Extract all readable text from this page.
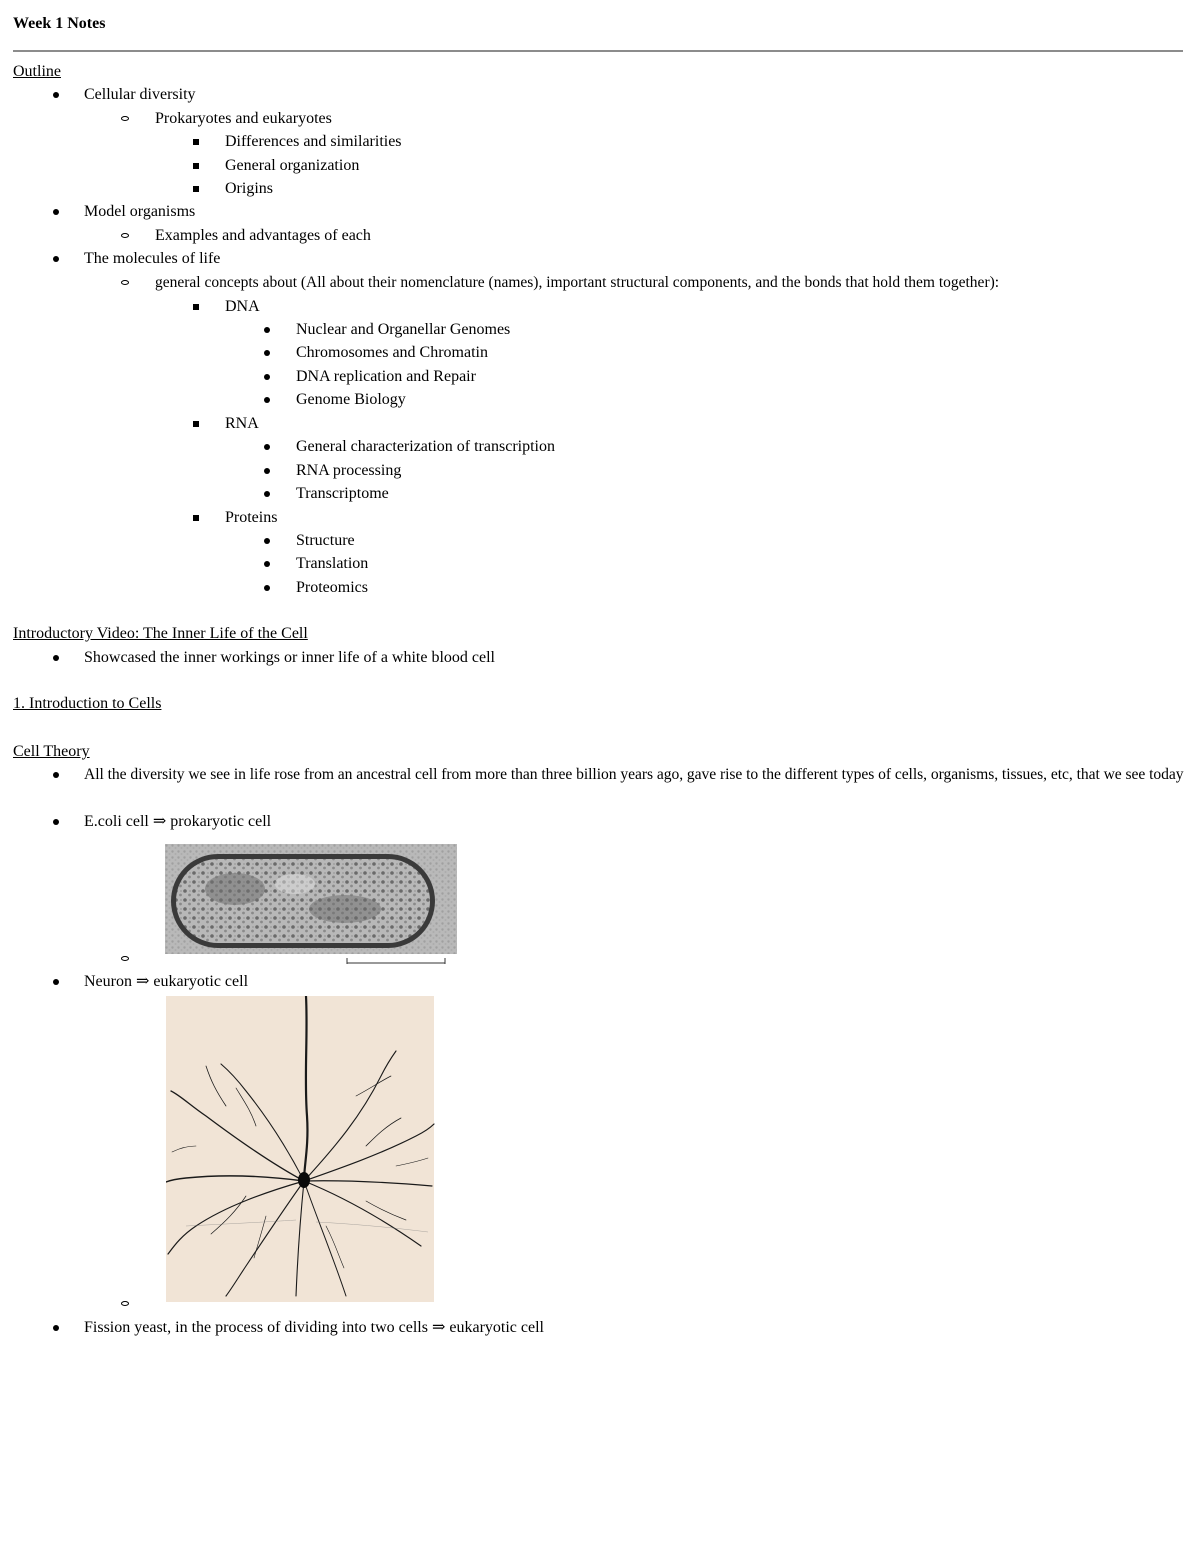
Week 1 Notes
Outline
Cellular diversity
Prokaryotes and eukaryotes
Differences and similarities
General organization
Origins
Model organisms
Examples and advantages of each
The molecules of life
general concepts about (All about their nomenclature (names), important structural components, and the bonds that hold them together):
DNA
Nuclear and Organellar Genomes
Chromosomes and Chromatin
DNA replication and Repair
Genome Biology
RNA
General characterization of transcription
RNA processing
Transcriptome
Proteins
Structure
Translation
Proteomics
Introductory Video: The Inner Life of the Cell
Showcased the inner workings or inner life of a white blood cell
1. Introduction to Cells
Cell Theory
All the diversity we see in life rose from an ancestral cell from more than three billion years ago, gave rise to the different types of cells, organisms, tissues, etc, that we see today
E.coli cell ⇒ prokaryotic cell
Neuron ⇒ eukaryotic cell
Fission yeast, in the process of dividing into two cells ⇒ eukaryotic cell
